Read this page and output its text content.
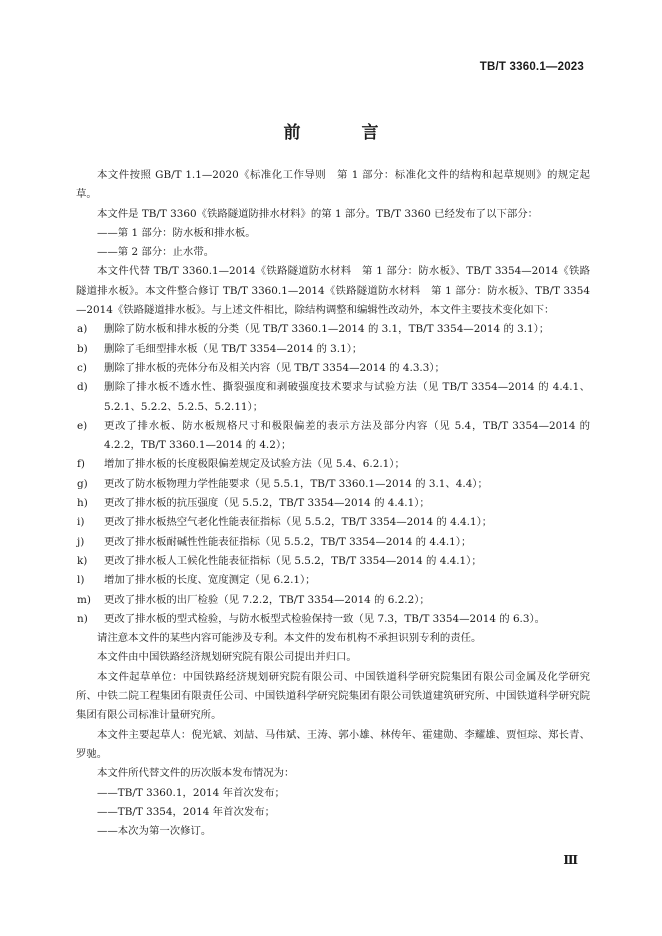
TB/T 3360.1—2023
前　言

本文件按照 GB/T 1.1—2020《标准化工作导则　第 1 部分：标准化文件的结构和起草规则》的规定起草。

本文件是 TB/T 3360《铁路隧道防排水材料》的第 1 部分。TB/T 3360 已经发布了以下部分：

——第 1 部分：防水板和排水板。

——第 2 部分：止水带。

本文件代替 TB/T 3360.1—2014《铁路隧道防水材料　第 1 部分：防水板》、TB/T 3354—2014《铁路隧道排水板》。本文件整合修订 TB/T 3360.1—2014《铁路隧道防水材料　第 1 部分：防水板》、TB/T 3354—2014《铁路隧道排水板》。与上述文件相比，除结构调整和编辑性改动外，本文件主要技术变化如下：

a)	删除了防水板和排水板的分类（见 TB/T 3360.1—2014 的 3.1，TB/T 3354—2014 的 3.1）；
b)	删除了毛细型排水板（见 TB/T 3354—2014 的 3.1）；
c)	删除了排水板的壳体分布及相关内容（见 TB/T 3354—2014 的 4.3.3）；
d)	删除了排水板不透水性、撕裂强度和剥破强度技术要求与试验方法（见 TB/T 3354—2014 的 4.4.1、5.2.1、5.2.2、5.2.5、5.2.11）；
e)	更改了排水板、防水板规格尺寸和极限偏差的表示方法及部分内容（见 5.4，TB/T 3354—2014 的 4.2.2，TB/T 3360.1—2014 的 4.2）；
f)	增加了排水板的长度极限偏差规定及试验方法（见 5.4、6.2.1）；
g)	更改了防水板物理力学性能要求（见 5.5.1，TB/T 3360.1—2014 的 3.1、4.4）；
h)	更改了排水板的抗压强度（见 5.5.2，TB/T 3354—2014 的 4.4.1）；
i)	更改了排水板热空气老化性能表征指标（见 5.5.2，TB/T 3354—2014 的 4.4.1）；
j)	更改了排水板耐碱性性能表征指标（见 5.5.2，TB/T 3354—2014 的 4.4.1）；
k)	更改了排水板人工候化性能表征指标（见 5.5.2，TB/T 3354—2014 的 4.4.1）；
l)	增加了排水板的长度、宽度测定（见 6.2.1）；
m)	更改了排水板的出厂检验（见 7.2.2，TB/T 3354—2014 的 6.2.2）；
n)	更改了排水板的型式检验，与防水板型式检验保持一致（见 7.3，TB/T 3354—2014 的 6.3）。

请注意本文件的某些内容可能涉及专利。本文件的发布机构不承担识别专利的责任。

本文件由中国铁路经济规划研究院有限公司提出并归口。

本文件起草单位：中国铁路经济规划研究院有限公司、中国铁道科学研究院集团有限公司金属及化学研究所、中铁二院工程集团有限责任公司、中国铁道科学研究院集团有限公司铁道建筑研究所、中国铁道科学研究院集团有限公司标准计量研究所。

本文件主要起草人：倪光斌、刘喆、马伟斌、王涛、郭小雄、林传年、霍建勋、李耀雄、贾恒琮、郑长青、罗驰。

本文件所代替文件的历次版本发布情况为：

——TB/T 3360.1，2014 年首次发布；

——TB/T 3354，2014 年首次发布；

——本次为第一次修订。

Ⅲ
